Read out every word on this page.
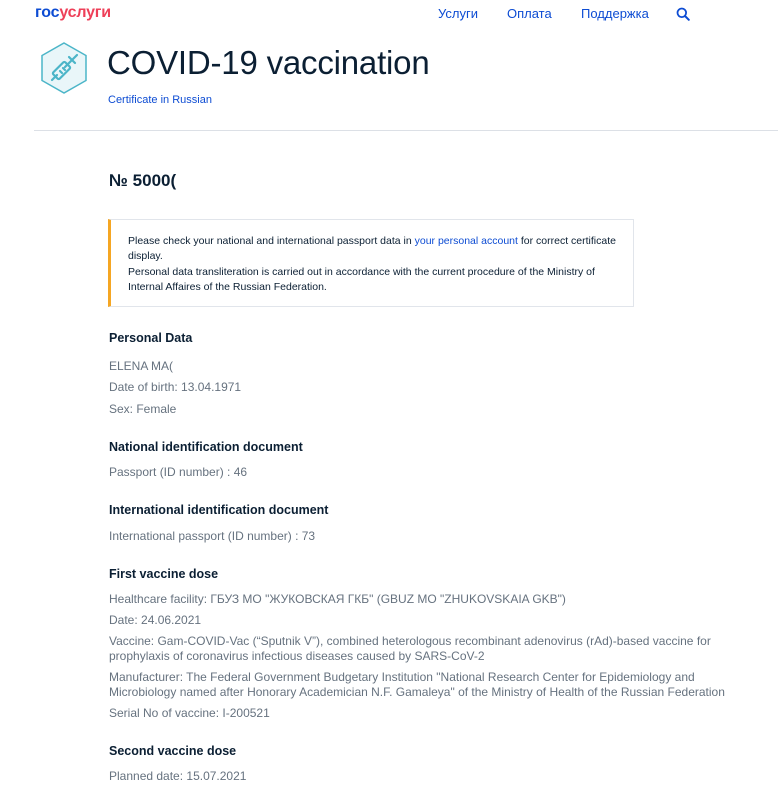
госуслуги	Услуги Оплата Поддержка
COVID-19 vaccination
Certificate in Russian
№ 5000(
Please check your national and international passport data in your personal account for correct certificate display.
Personal data transliteration is carried out in accordance with the current procedure of the Ministry of Internal Affaires of the Russian Federation.
Personal Data
ELENA MA(
Date of birth: 13.04.1971
Sex: Female
National identification document
Passport (ID number) : 46
International identification document
International passport (ID number) : 73
First vaccine dose
Healthcare facility: ГБУЗ МО "ЖУКОВСКАЯ ГКБ" (GBUZ MO "ZHUKOVSKAIA GKB")
Date: 24.06.2021
Vaccine: Gam-COVID-Vac (“Sputnik V”), combined heterologous recombinant adenovirus (rAd)-based vaccine for prophylaxis of coronavirus infectious diseases caused by SARS-CoV-2
Manufacturer: The Federal Government Budgetary Institution "National Research Center for Epidemiology and Microbiology named after Honorary Academician N.F. Gamaleya" of the Ministry of Health of the Russian Federation
Serial No of vaccine: I-200521
Second vaccine dose
Planned date: 15.07.2021
